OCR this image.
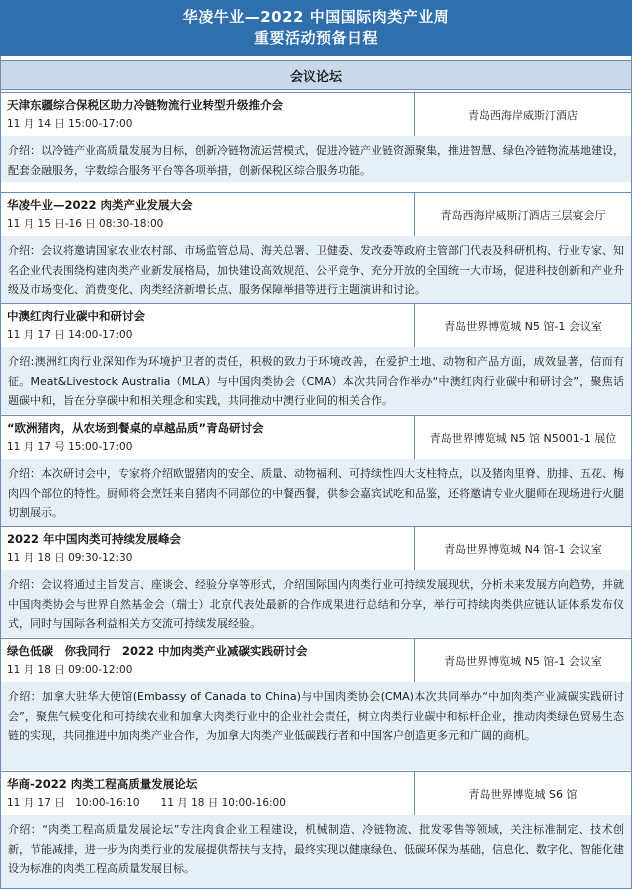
华凌牛业—2022 中国国际肉类产业周
重要活动预备日程
会议论坛
天津东疆综合保税区助力冷链物流行业转型升级推介会
11 月 14 日 15:00-17:00
青岛西海岸威斯汀酒店
介绍：以冷链产业高质量发展为目标，创新冷链物流运营模式，促进冷链产业链资源聚集，推进智慧、绿色冷链物流基地建设，配套金融服务，字数综合服务平台等各项举措，创新保税区综合服务功能。
华凌牛业—2022 肉类产业发展大会
11 月 15 日-16 日 08:30-18:00
青岛西海岸威斯汀酒店三层宴会厅
介绍：会议将邀请国家农业农村部、市场监管总局、海关总署、卫健委、发改委等政府主管部门代表及科研机构、行业专家、知名企业代表围绕构建肉类产业新发展格局，加快建设高效规范、公平竞争、充分开放的全国统一大市场，促进科技创新和产业升级及市场变化、消费变化、肉类经济新增长点、服务保障举措等进行主题演讲和讨论。
中澳红肉行业碳中和研讨会
11 月 17 日 14:00-17:00
青岛世界博览城 N5 馆-1 会议室
介绍:澳洲红肉行业深知作为环境护卫者的责任，积极的致力于环境改善，在爱护土地、动物和产品方面，成效显著，信而有征。Meat&Livestock Australia（MLA）与中国肉类协会（CMA）本次共同合作举办“中澳红肉行业碳中和研讨会”，聚焦话题碳中和，旨在分享碳中和相关理念和实践，共同推动中澳行业间的相关合作。
“欧洲猪肉，从农场到餐桌的卓越品质”青岛研讨会
11 月 17 号 15:00-17:00
青岛世界博览城 N5 馆 N5001-1 展位
介绍：本次研讨会中，专家将介绍欧盟猪肉的安全、质量、动物福利、可持续性四大支柱特点，以及猪肉里脊、肋排、五花、梅肉四个部位的特性。厨师将会烹饪来自猪肉不同部位的中餐西餐，供参会嘉宾试吃和品鉴，还将邀请专业火腿师在现场进行火腿切割展示。
2022 年中国肉类可持续发展峰会
11 月 18 日 09:30-12:30
青岛世界博览城 N4 馆-1 会议室
介绍：会议将通过主旨发言、座谈会、经验分享等形式，介绍国际国内肉类行业可持续发展现状，分析未来发展方向趋势，并就中国肉类协会与世界自然基金会（瑞士）北京代表处最新的合作成果进行总结和分享，举行可持续肉类供应链认证体系发布仪式，同时与国际各利益相关方交流可持续发展经验。
绿色低碳　你我同行　2022 中加肉类产业减碳实践研讨会
11 月 18 日 09:00-12:00
青岛世界博览城 N5 馆-1 会议室
介绍：加拿大驻华大使馆(Embassy of Canada to China)与中国肉类协会(CMA)本次共同举办“中加肉类产业减碳实践研讨会”，聚焦气候变化和可持续农业和加拿大肉类行业中的企业社会责任，树立肉类行业碳中和标杆企业，推动肉类绿色贸易生态链的实现，共同推进中加肉类产业合作，为加拿大肉类产业低碳践行者和中国客户创造更多元和广阔的商机。
华商-2022 肉类工程高质量发展论坛
11 月 17 日　10:00-16:10　　11 月 18 日 10:00-16:00
青岛世界博览城 S6 馆
介绍：“肉类工程高质量发展论坛”专注肉食企业工程建设，机械制造、冷链物流、批发零售等领域，关注标准制定、技术创新，节能减排，进一步为肉类行业的发展提供帮扶与支持，最终实现以健康绿色、低碳环保为基础，信息化、数字化、智能化建设为标准的肉类工程高质量发展目标。
